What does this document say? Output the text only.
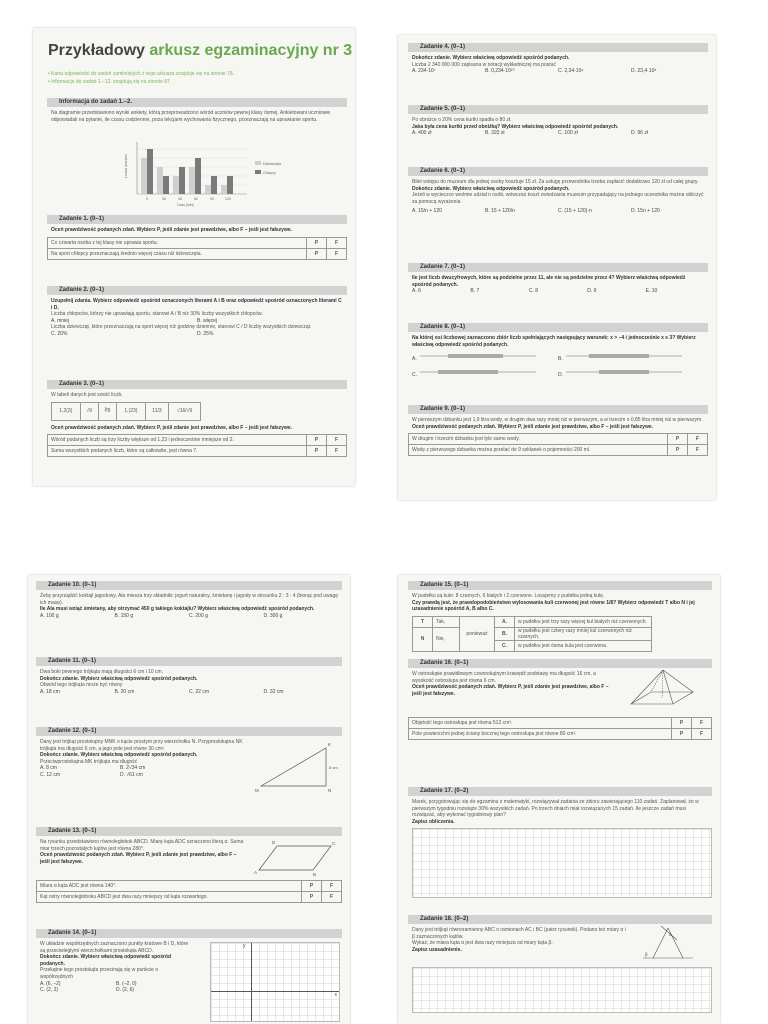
Przykładowy arkusz egzaminacyjny nr 3
• Karta odpowiedzi do zadań zamkniętych z tego arkusza znajduje się na stronie 78.
• Informacje do zadań 1.–12. znajdują się na stronie 87.
Informacja do zadań 1.–2.
Na diagramie przedstawiono wyniki ankiety, którą przeprowadzono wśród uczniów pewnej klasy ósmej. Ankietowani uczniowie odpowiadali na pytanie, ile czasu codziennie, poza lekcjami wychowania fizycznego, przeznaczają na uprawianie sportu.
0	30	45	60	90	120
Liczba uczniów
Czas [min]
Dziewczęta
Chłopcy
Zadanie 1. (0–1)
Oceń prawdziwość podanych zdań. Wybierz P, jeśli zdanie jest prawdziwe, albo F – jeśli jest fałszywe.
Co czwarta osoba z tej klasy nie uprawia sportu.	P	F
Na sport chłopcy przeznaczają średnio więcej czasu niż dziewczęta.	P	F
Zadanie 2. (0–1)
Uzupełnij zdania. Wybierz odpowiedź spośród oznaczonych literami A i B oraz odpowiedź spośród oznaczonych literami C i D.
Liczba chłopców, którzy nie uprawiają sportu, stanowi A / B niż 30% liczby wszystkich chłopców.
A. mniej	B. więcej
Liczba dziewcząt, które przeznaczają na sport więcej niż godzinę dziennie, stanowi C / D liczby wszystkich dziewcząt.
C. 20%	D. 25%
Zadanie 3. (0–1)
W tabeli danych jest sześć liczb.
1,2(3)	√9	∛8	1,(23)	11/3	√16/√9
Oceń prawdziwość podanych zdań. Wybierz P, jeśli zdanie jest prawdziwe, albo F – jeśli jest fałszywe.
Wśród podanych liczb są trzy liczby większe od 1,23 i jednocześnie mniejsze od 2.	P	F
Suma wszystkich podanych liczb, które są całkowite, jest równa 7.	P	F
Zadanie 4. (0–1)
Dokończ zdanie. Wybierz właściwą odpowiedź spośród podanych.
Liczba 2 340 000 000 zapisana w notacji wykładniczej ma postać
A. 234·10⁷	B. 0,234·10¹⁰	C. 2,34·10⁹	D. 23,4·10⁸
Zadanie 5. (0–1)
Po obniżce o 20% cena kurtki spadła o 80 zł.
Jaka była cena kurtki przed obniżką? Wybierz właściwą odpowiedź spośród podanych.
A. 400 zł	B. 320 zł	C. 100 zł	D. 96 zł
Zadanie 6. (0–1)
Bilet wstępu do muzeum dla jednej osoby kosztuje 15 zł. Za usługę przewodnika trzeba zapłacić dodatkowo 120 zł od całej grupy.
Dokończ zdanie. Wybierz właściwą odpowiedź spośród podanych.
Jeżeli w wycieczce weźmie udział n osób, wówczas koszt zwiedzania muzeum przypadający na jednego uczestnika można obliczyć za pomocą wyrażenia
A. 15/n + 120	B. 15 + 120/n	C. (15 + 120)·n	D. 15n + 120
Zadanie 7. (0–1)
Ile jest liczb dwucyfrowych, które są podzielne przez 11, ale nie są podzielne przez 4? Wybierz właściwą odpowiedź spośród podanych.
A. 6	B. 7	C. 8	D. 9	E. 10
Zadanie 8. (0–1)
Na której osi liczbowej zaznaczono zbiór liczb spełniających następujący warunek: x > –4 i jednocześnie x ≤ 3? Wybierz właściwą odpowiedź spośród podanych.
A.	B.
C.	D.
Zadanie 9. (0–1)
W pierwszym dzbanku jest 1,9 litra wody, w drugim dwa razy mniej niż w pierwszym, a w trzecim o 0,85 litra mniej niż w pierwszym.
Oceń prawdziwość podanych zdań. Wybierz P, jeśli zdanie jest prawdziwe, albo F – jeśli jest fałszywe.
W drugim i trzecim dzbanku jest tyle samo wody.	P	F
Wodę z pierwszego dzbanka można przelać do 9 szklanek o pojemności 200 ml.	P	F
Zadanie 10. (0–1)
Żeby przyrządzić koktajl jagodowy, Ala miesza trzy składniki: jogurt naturalny, śmietanę i jagody w stosunku 2 : 3 : 4 (biorąc pod uwagę ich masę).
Ile Ala musi wziąć śmietany, aby otrzymać 450 g takiego koktajlu? Wybierz właściwą odpowiedź spośród podanych.
A. 100 g	B. 150 g	C. 200 g	D. 300 g
Zadanie 11. (0–1)
Dwa boki pewnego trójkąta mają długości 6 cm i 10 cm.
Dokończ zdanie. Wybierz właściwą odpowiedź spośród podanych.
Obwód tego trójkąta może być równy
A. 18 cm	B. 20 cm	C. 22 cm	D. 32 cm
Zadanie 12. (0–1)
Dany jest trójkąt prostokątny MNK o kącie prostym przy wierzchołku N. Przyprostokątna NK trójkąta ma długość 6 cm, a jego pole jest równe 30 cm².
Dokończ zdanie. Wybierz właściwą odpowiedź spośród podanych.
Przeciwprostokątna MK trójkąta ma długość
A. 8 cm	B. 2√34 cm
C. 12 cm	D. √61 cm
K
M	N
6 cm
Zadanie 13. (0–1)
Na rysunku przedstawiono równoległobok ABCD. Miarę kąta ADC oznaczono literą α. Suma miar trzech pozostałych kątów jest równa 280°.
Oceń prawdziwość podanych zdań. Wybierz P, jeśli zdanie jest prawdziwe, albo F – jeśli jest fałszywe.
A	B
C
D
Miara α kąta ADC jest równa 140°.	P	F
Kąt ostry równoległoboku ABCD jest dwa razy mniejszy od kąta rozwartego.	P	F
Zadanie 14. (0–1)
W układzie współrzędnych zaznaczono punkty kratowe B i D, które są przeciwległymi wierzchołkami prostokąta ABCD.
Dokończ zdanie. Wybierz właściwą odpowiedź spośród podanych.
Przekątne tego prostokąta przecinają się w punkcie o współrzędnych
A. (6, –2)	B. (–2, 0)
C. (2, 2)	D. (2, 6)
y
x
Zadanie 15. (0–1)
W pudełku są kule: 8 czarnych, 6 białych i 2 czerwone. Losujemy z pudełka jedną kulę.
Czy prawdą jest, że prawdopodobieństwo wylosowania kuli czerwonej jest równe 1/8? Wybierz odpowiedź T albo N i jej uzasadnienie spośród A, B albo C.
T	Tak,	ponieważ	A.	w pudełku jest trzy razy więcej kul białych niż czerwonych.
N	Nie,		B.	w pudełku jest cztery razy mniej kul czerwonych niż czarnych.
			C.	w pudełku jest ósma kula jest czerwona.
Zadanie 16. (0–1)
W ostrosłupie prawidłowym czworokątnym krawędź podstawy ma długość 16 cm, a wysokość ostrosłupa jest równa 6 cm.
Oceń prawdziwość podanych zdań. Wybierz P, jeśli zdanie jest prawdziwe, albo F – jeśli jest fałszywe.
Objętość tego ostrosłupa jest równa 512 cm³.	P	F
Pole powierzchni jednej ściany bocznej tego ostrosłupa jest równe 80 cm².	P	F
Zadanie 17. (0–2)
Marek, przygotowując się do egzaminu z matematyki, rozwiązywał zadania ze zbioru zawierającego 110 zadań. Zaplanował, że w pierwszym tygodniu rozwiąże 30% wszystkich zadań. Po trzech dniach miał rozwiązanych 15 zadań. Ile jeszcze zadań musi rozwiązać, aby wykonać tygodniowy plan?
Zapisz obliczenia.
Zadanie 18. (0–2)
Dany jest trójkąt równoramienny ABC o ramionach AC i BC (patrz rysunek). Podano też miary α i β zaznaczonych kątów.
Wykaż, że miara kąta α jest dwa razy mniejsza od miary kąta β.
Zapisz uzasadnienie.
α
β
